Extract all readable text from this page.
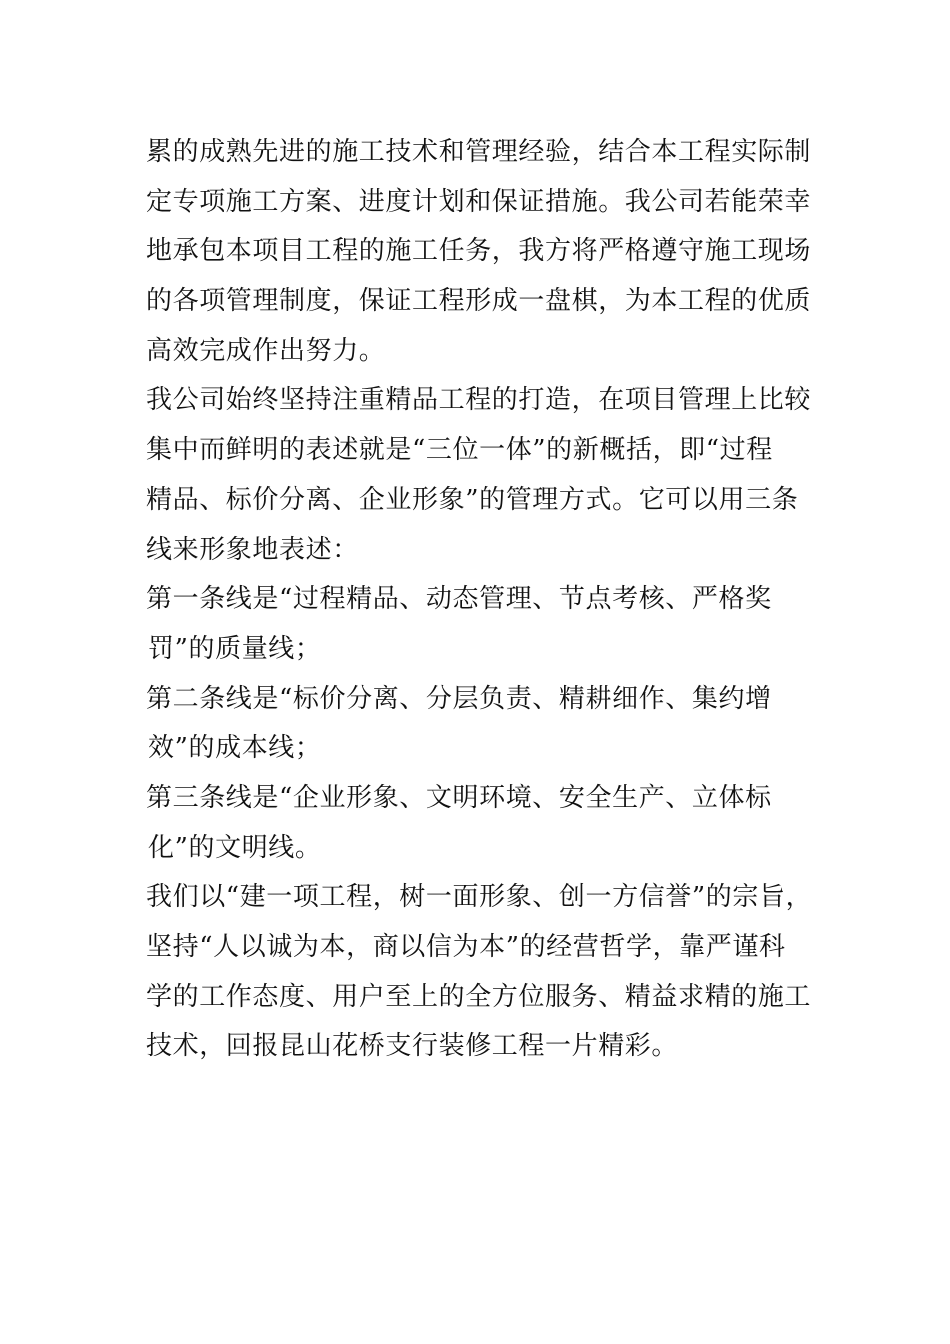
累的成熟先进的施工技术和管理经验，结合本工程实际制
定专项施工方案、进度计划和保证措施。我公司若能荣幸
地承包本项目工程的施工任务，我方将严格遵守施工现场
的各项管理制度，保证工程形成一盘棋，为本工程的优质
高效完成作出努力。
我公司始终坚持注重精品工程的打造，在项目管理上比较
集中而鲜明的表述就是“三位一体”的新概括，即“过程
精品、标价分离、企业形象”的管理方式。它可以用三条
线来形象地表述：
第一条线是“过程精品、动态管理、节点考核、严格奖
罚”的质量线；
第二条线是“标价分离、分层负责、精耕细作、集约增
效”的成本线；
第三条线是“企业形象、文明环境、安全生产、立体标
化”的文明线。
我们以“建一项工程，树一面形象、创一方信誉”的宗旨，
坚持“人以诚为本，商以信为本”的经营哲学，靠严谨科
学的工作态度、用户至上的全方位服务、精益求精的施工
技术，回报昆山花桥支行装修工程一片精彩。
